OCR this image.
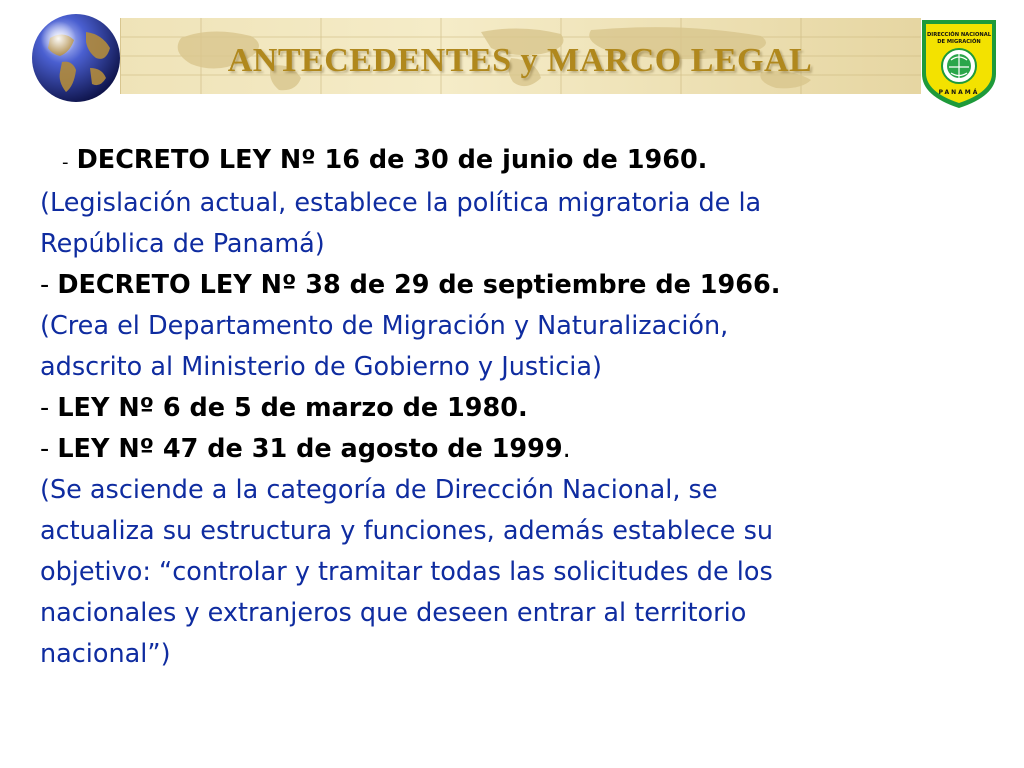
ANTECEDENTES y MARCO LEGAL
DIRECCIÓN NACIONAL
DE MIGRACIÓN
PANAMÁ
- DECRETO LEY Nº 16 de 30 de junio de 1960.
(Legislación actual, establece la política migratoria de la
República de Panamá)
- DECRETO LEY Nº 38 de 29 de septiembre de 1966.
(Crea el Departamento de Migración y Naturalización,
adscrito al Ministerio de Gobierno y Justicia)
- LEY Nº 6 de 5 de marzo de 1980.
- LEY Nº 47 de 31 de agosto de 1999.
(Se asciende a la categoría de Dirección Nacional, se
actualiza su estructura y funciones, además establece su
objetivo: “controlar y tramitar todas las solicitudes de los
nacionales y extranjeros que deseen entrar al territorio
nacional”)
